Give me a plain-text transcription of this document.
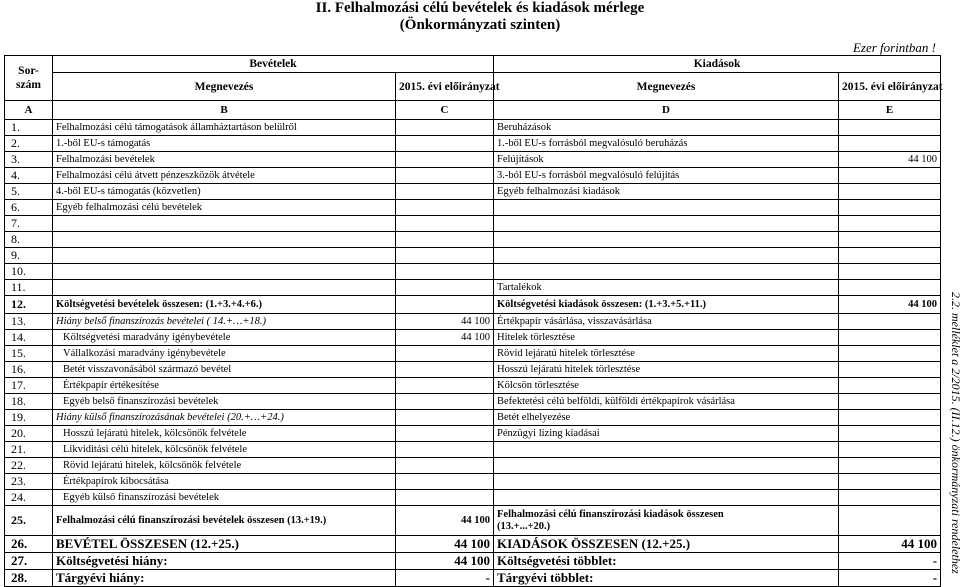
II. Felhalmozási célú bevételek és kiadások mérlege
(Önkormányzati szinten)
Ezer forintban !
Sor-szám	Bevételek		Kiadások	
	Megnevezés	2015. évi előirányzat	Megnevezés	2015. évi előirányzat
A	B	C	D	E
1.	Felhalmozási célú támogatások államháztartáson belülről		Beruházások	
2.	1.-ből EU-s támogatás		1.-ből EU-s forrásból megvalósuló beruházás	
3.	Felhalmozási bevételek		Felújítások	44 100
4.	Felhalmozási célú átvett pénzeszközök átvétele		3.-ból EU-s forrásból megvalósuló felújítás	
5.	4.-ből EU-s támogatás (közvetlen)		Egyéb felhalmozási kiadások	
6.	Egyéb felhalmozási célú bevételek			
7.				
8.				
9.				
10.				
11.			Tartalékok	
12.	Költségvetési bevételek összesen: (1.+3.+4.+6.)		Költségvetési kiadások összesen: (1.+3.+5.+11.)	44 100
13.	Hiány belső finanszírozás bevételei ( 14.+…+18.)	44 100	Értékpapír vásárlása, visszavásárlása	
14.	Költségvetési maradvány igénybevétele	44 100	Hitelek törlesztése	
15.	Vállalkozási maradvány igénybevétele		Rövid lejáratú hitelek törlesztése	
16.	Betét visszavonásából származó bevétel		Hosszú lejáratú hitelek törlesztése	
17.	Értékpapír értékesítése		Kölcsön törlesztése	
18.	Egyéb belső finanszírozási bevételek		Befektetési célú belföldi, külföldi értékpapírok vásárlása	
19.	Hiány külső finanszírozásának bevételei (20.+…+24.)		Betét elhelyezése	
20.	Hosszú lejáratú hitelek, kölcsönök felvétele		Pénzügyi lízing kiadásai	
21.	Likviditási célú hitelek, kölcsönök felvétele			
22.	Rövid lejáratú hitelek, kölcsönök felvétele			
23.	Értékpapírok kibocsátása			
24.	Egyéb külső finanszírozási bevételek			
25.	Felhalmozási célú finanszírozási bevételek összesen (13.+19.)	44 100	Felhalmozási célú finanszírozási kiadások összesen
(13.+...+20.)	

26.	BEVÉTEL ÖSSZESEN (12.+25.)	44 100	KIADÁSOK ÖSSZESEN (12.+25.)	44 100
27.	Költségvetési hiány:	44 100	Költségvetési többlet:	-
28.	Tárgyévi hiány:	-	Tárgyévi többlet:	-
2.2. melléklet a 2/2015. (II.12.) önkormányzati rendelethez
